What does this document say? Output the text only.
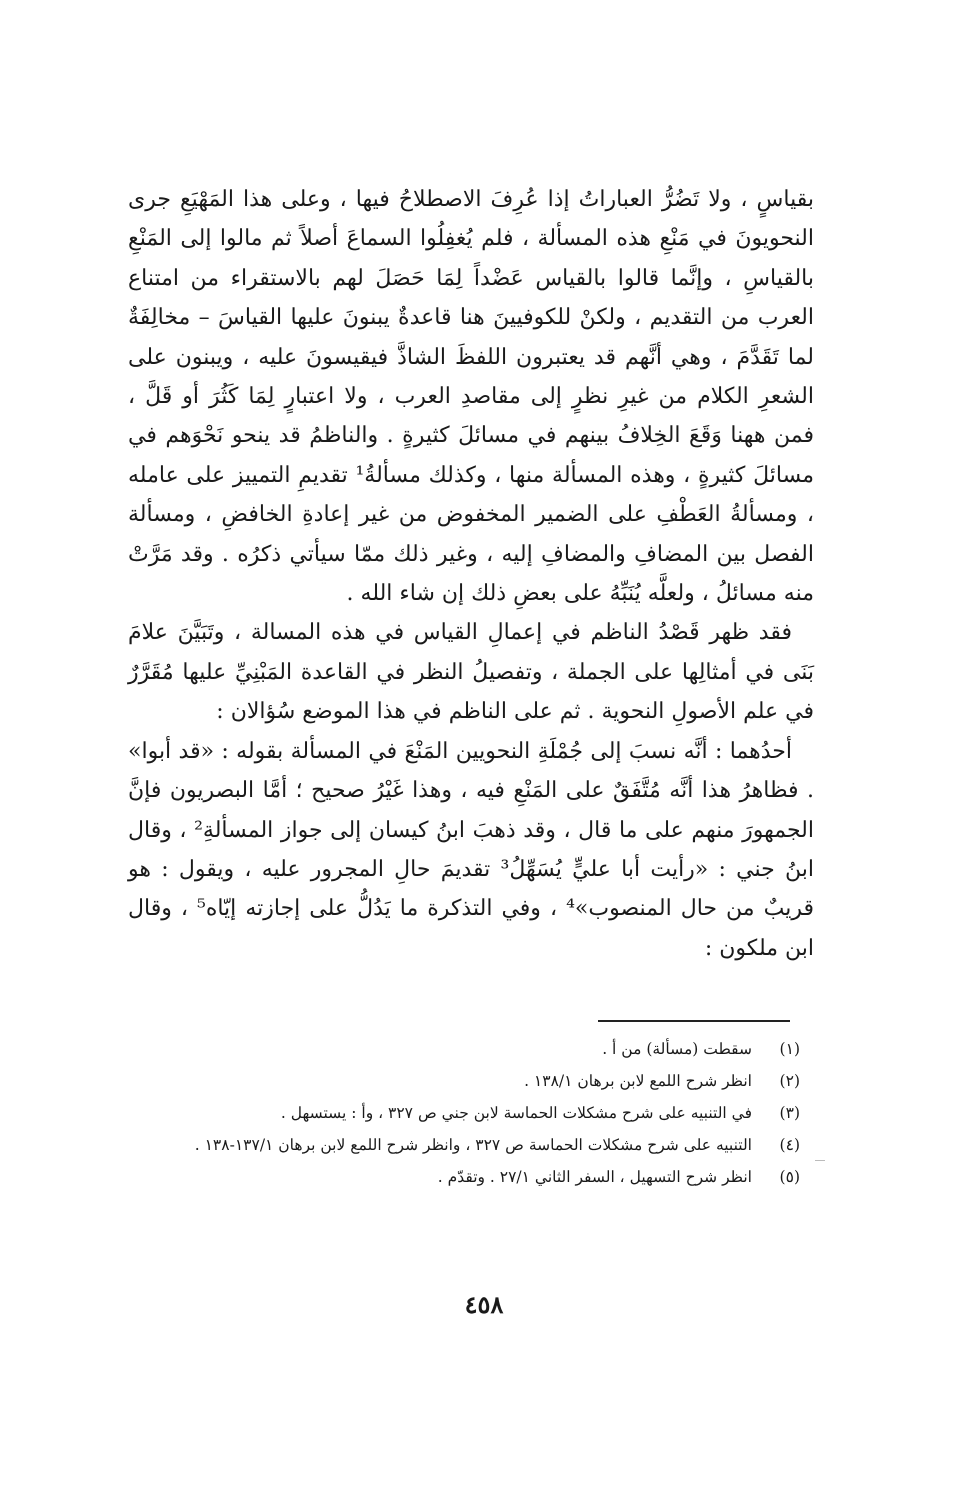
بقياسٍ ، ولا تَضُرُّ العباراتُ إذا عُرِفَ الاصطلاحُ فيها ، وعلى هذا المَهْيَعِ جرى النحويونَ في مَنْعِ هذه المسألة ، فلم يُغفِلُوا السماعَ أصلاً ثم مالوا إلى المَنْعِ بالقياسِ ، وإنَّما قالوا بالقياس عَضْداً لِمَا حَصَلَ لهم بالاستقراء من امتناع العرب من التقديم ، ولكنْ للكوفيينَ هنا قاعدةٌ يبنونَ عليها القياسَ – مخالِفَةٌ لما تَقَدَّمَ ، وهي أنَّهم قد يعتبرون اللفظَ الشاذَّ فيقيسونَ عليه ، ويبنون على الشعرِ الكلام من غيرِ نظرٍ إلى مقاصدِ العرب ، ولا اعتبارٍ لِمَا كَثُرَ أو قَلَّ ، فمن ههنا وَقَعَ الخِلافُ بينهم في مسائلَ كثيرةٍ . والناظمُ قد ينحو نَحْوَهم في مسائلَ كثيرةٍ ، وهذه المسألة منها ، وكذلك مسألةُ¹ تقديمِ التمييز على عامله ، ومسألةُ العَطْفِ على الضمير المخفوض من غير إعادةِ الخافضِ ، ومسألة الفصل بين المضافِ والمضافِ إليه ، وغير ذلك ممّا سيأتي ذكرُه . وقد مَرَّتْ منه مسائلُ ، ولعلَّه يُنَبِّهُ على بعضِ ذلك إن شاء الله .

فقد ظهر قَصْدُ الناظم في إعمالِ القياس في هذه المسالة ، وتَبَيَّنَ علامَ بَنَى في أمثالِها على الجملة ، وتفصيلُ النظر في القاعدة المَبْنِيِّ عليها مُقَرَّرٌ في علم الأصولِ النحوية . ثم على الناظم في هذا الموضع سُؤالان :

أحدُهما : أنَّه نسبَ إلى جُمْلَةِ النحويين المَنْعَ في المسألة بقوله : «قد أبوا» . فظاهرُ هذا أنَّه مُتَّفَقٌ على المَنْعِ فيه ، وهذا غَيْرُ صحيح ؛ أمَّا البصريون فإنَّ الجمهورَ منهم على ما قال ، وقد ذهبَ ابنُ كيسان إلى جواز المسألةِ² ، وقال ابنُ جني : «رأيت أبا عليٍّ يُسَهِّلُ³ تقديمَ حالِ المجرور عليه ، ويقول : هو قريبٌ من حال المنصوب»⁴ ، وفي التذكرة ما يَدُلُّ على إجازته إيّاه⁵ ، وقال ابن ملكون :

(١)
سقطت (مسألة) من أ .
(٢)
انظر شرح اللمع لابن برهان ١٣٨/١ .
(٣)
في التنبيه على شرح مشكلات الحماسة لابن جني ص ٣٢٧ ، وأ : يستسهل .
(٤)
التنبيه على شرح مشكلات الحماسة ص ٣٢٧ ، وانظر شرح اللمع لابن برهان ١٣٧/١-١٣٨ .
(٥)
انظر شرح التسهيل ، السفر الثاني ٢٧/١ . وتقدّم .
٤٥٨
